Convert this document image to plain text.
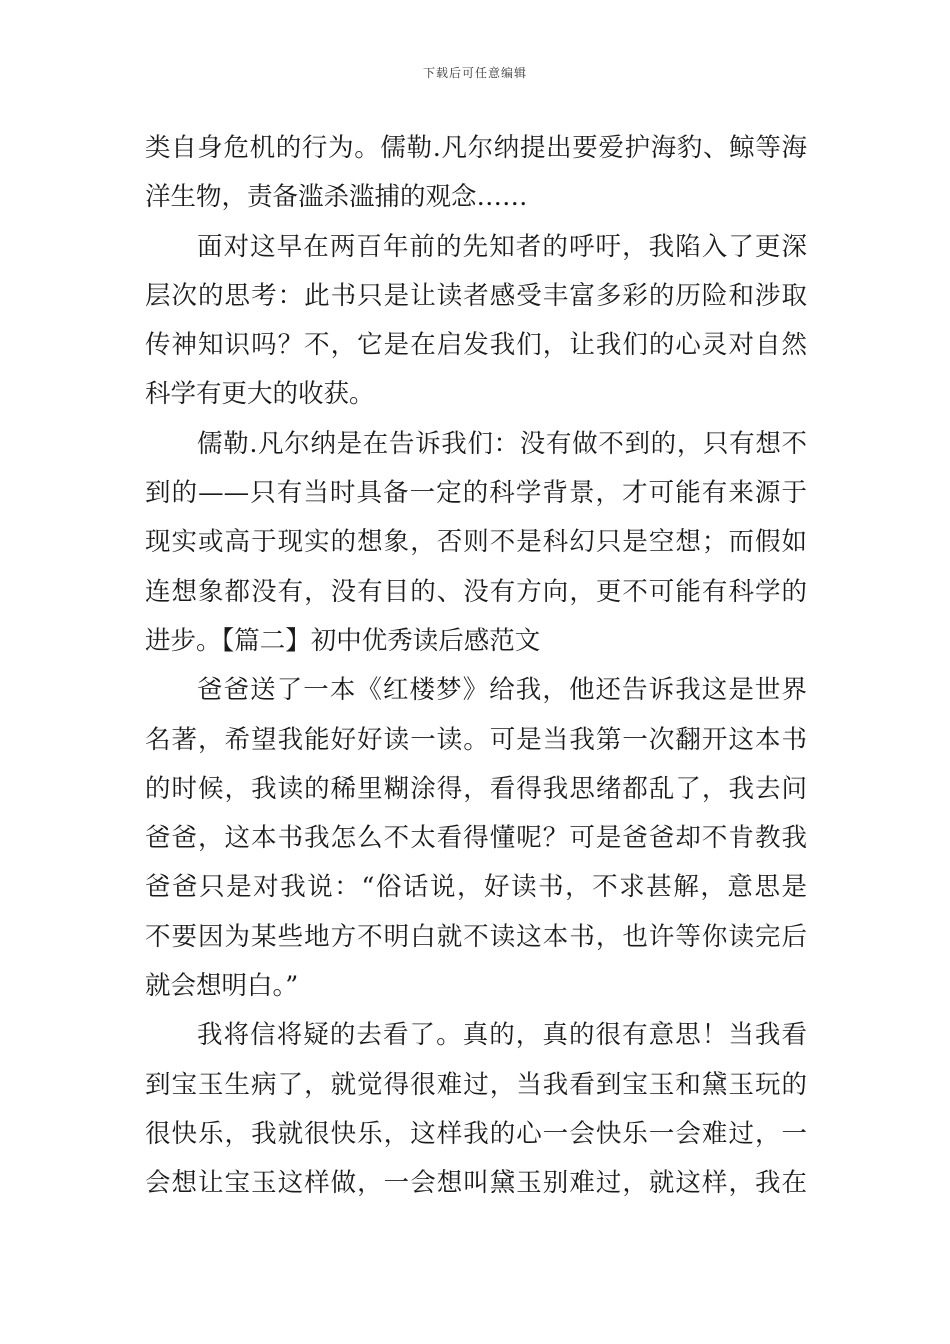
下载后可任意编辑
类自身危机的行为。儒勒.凡尔纳提出要爱护海豹、鲸等海
洋生物，责备滥杀滥捕的观念……
面对这早在两百年前的先知者的呼吁，我陷入了更深
层次的思考：此书只是让读者感受丰富多彩的历险和涉取
传神知识吗？不，它是在启发我们，让我们的心灵对自然
科学有更大的收获。
儒勒.凡尔纳是在告诉我们：没有做不到的，只有想不
到的——只有当时具备一定的科学背景，才可能有来源于
现实或高于现实的想象，否则不是科幻只是空想；而假如
连想象都没有，没有目的、没有方向，更不可能有科学的
进步。【篇二】初中优秀读后感范文
爸爸送了一本《红楼梦》给我，他还告诉我这是世界
名著，希望我能好好读一读。可是当我第一次翻开这本书
的时候，我读的稀里糊涂得，看得我思绪都乱了，我去问
爸爸，这本书我怎么不太看得懂呢？可是爸爸却不肯教我
爸爸只是对我说：“俗话说，好读书，不求甚解，意思是
不要因为某些地方不明白就不读这本书，也许等你读完后
就会想明白。”
我将信将疑的去看了。真的，真的很有意思！当我看
到宝玉生病了，就觉得很难过，当我看到宝玉和黛玉玩的
很快乐，我就很快乐，这样我的心一会快乐一会难过，一
会想让宝玉这样做，一会想叫黛玉别难过，就这样，我在
